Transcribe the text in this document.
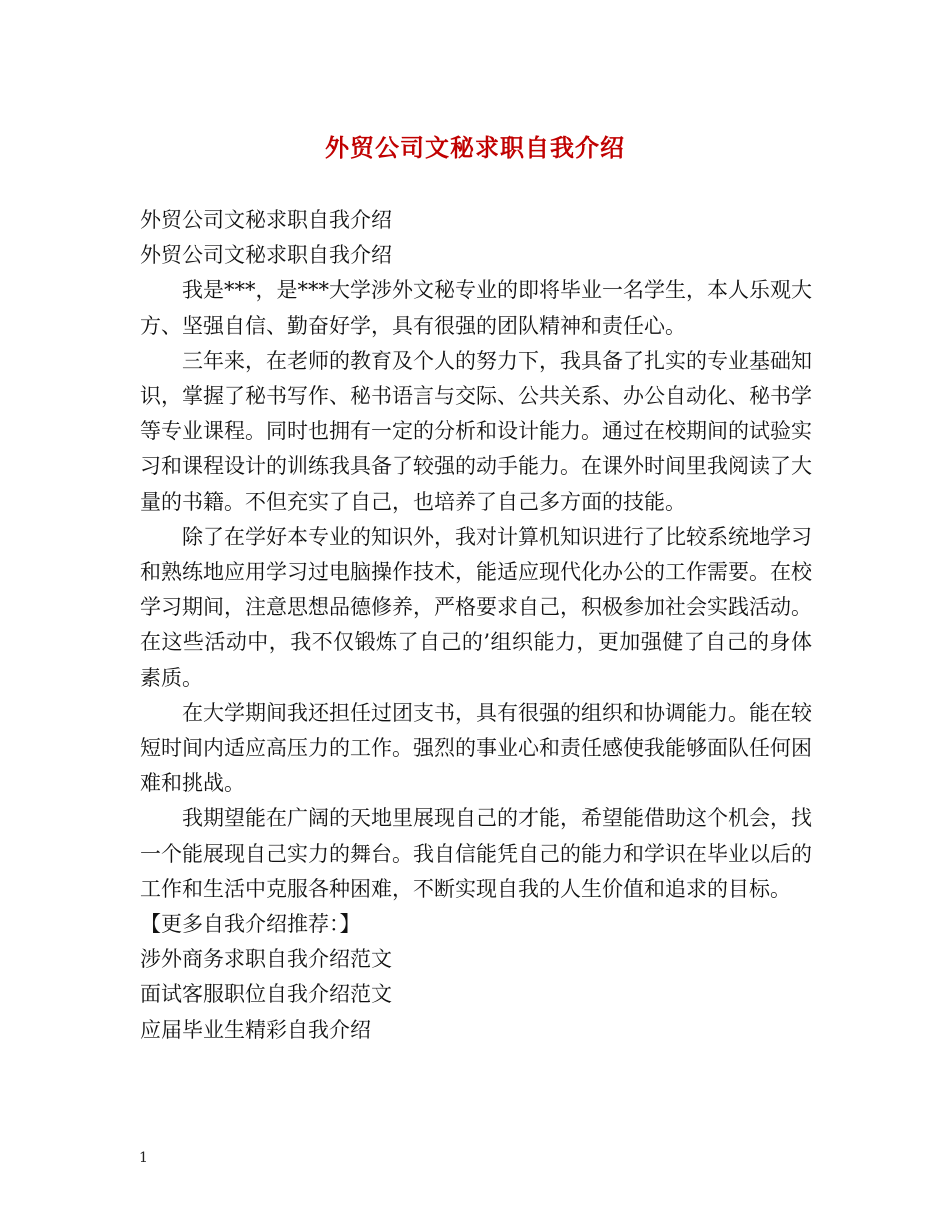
外贸公司文秘求职自我介绍

外贸公司文秘求职自我介绍

外贸公司文秘求职自我介绍

我是***，是***大学涉外文秘专业的即将毕业一名学生，本人乐观大方、坚强自信、勤奋好学，具有很强的团队精神和责任心。

三年来，在老师的教育及个人的努力下，我具备了扎实的专业基础知识，掌握了秘书写作、秘书语言与交际、公共关系、办公自动化、秘书学等专业课程。同时也拥有一定的分析和设计能力。通过在校期间的试验实习和课程设计的训练我具备了较强的动手能力。在课外时间里我阅读了大量的书籍。不但充实了自己，也培养了自己多方面的技能。

除了在学好本专业的知识外，我对计算机知识进行了比较系统地学习和熟练地应用学习过电脑操作技术，能适应现代化办公的工作需要。在校学习期间，注意思想品德修养，严格要求自己，积极参加社会实践活动。在这些活动中，我不仅锻炼了自己的’组织能力，更加强健了自己的身体素质。

在大学期间我还担任过团支书，具有很强的组织和协调能力。能在较短时间内适应高压力的工作。强烈的事业心和责任感使我能够面队任何困难和挑战。

我期望能在广阔的天地里展现自己的才能，希望能借助这个机会，找一个能展现自己实力的舞台。我自信能凭自己的能力和学识在毕业以后的工作和生活中克服各种困难，不断实现自我的人生价值和追求的目标。

【更多自我介绍推荐：】

涉外商务求职自我介绍范文

面试客服职位自我介绍范文

应届毕业生精彩自我介绍

1
